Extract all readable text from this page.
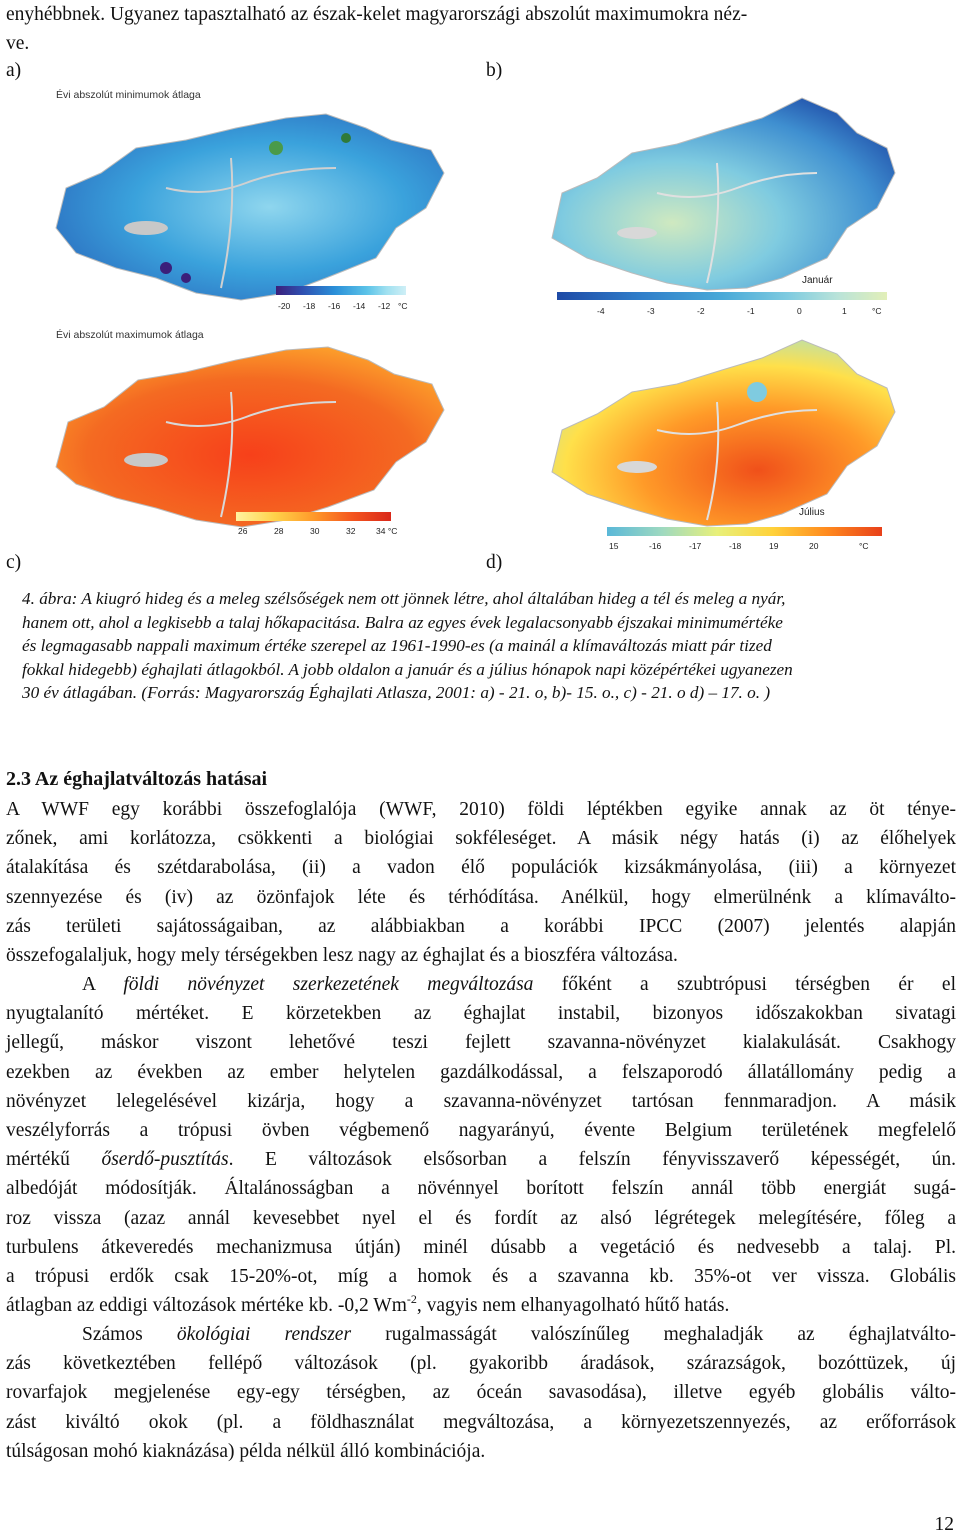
enyhébbnek. Ugyanez tapasztalható az észak-kelet magyarországi abszolút maximumokra néz-
ve.
a)	b)
Évi abszolút minimumok átlaga
-20 -18 -16 -14 -12 °C
Január
-4	-3	-2	-1	0	1	°C
Évi abszolút maximumok átlaga
26	28	30	32 34 °C
Július
15	-16	-17	-18	19	20	°C
c)	d)

4. ábra: A kiugró hideg és a meleg szélsőségek nem ott jönnek létre, ahol általában hideg a tél és meleg a nyár,

hanem ott, ahol a legkisebb a talaj hőkapacitása. Balra az egyes évek legalacsonyabb éjszakai minimumértéke

és legmagasabb nappali maximum értéke szerepel az 1961-1990-es (a mainál a klímaváltozás miatt pár tized

fokkal hidegebb) éghajlati átlagokból. A jobb oldalon a január és a július hónapok napi középértékei ugyanezen

30 év átlagában. (Forrás: Magyarország Éghajlati Atlasza, 2001: a) - 21. o, b)- 15. o., c) - 21. o d) – 17. o. )

2.3 Az éghajlatváltozás hatásai
A WWF egy korábbi összefoglalója (WWF, 2010) földi léptékben egyike annak az öt ténye-
zőnek, ami korlátozza, csökkenti a biológiai sokféleséget. A másik négy hatás (i) az élőhelyek
átalakítása és szétdarabolása, (ii) a vadon élő populációk kizsákmányolása, (iii) a környezet
szennyezése és (iv) az özönfajok léte és térhódítása. Anélkül, hogy elmerülnénk a klímaválto-
zás területi sajátosságaiban, az alábbiakban a korábbi IPCC (2007) jelentés alapján
összefogalaljuk, hogy mely térségekben lesz nagy az éghajlat és a bioszféra változása.
A földi növényzet szerkezetének megváltozása főként a szubtrópusi térségben ér el
nyugtalanító mértéket. E körzetekben az éghajlat instabil, bizonyos időszakokban sivatagi
jellegű, máskor viszont lehetővé teszi fejlett szavanna-növényzet kialakulását. Csakhogy
ezekben az években az ember helytelen gazdálkodással, a felszaporodó állatállomány pedig a
növényzet lelegelésével kizárja, hogy a szavanna-növényzet tartósan fennmaradjon. A másik
veszélyforrás a trópusi övben végbemenő nagyarányú, évente Belgium területének megfelelő
mértékű őserdő-pusztítás. E változások elsősorban a felszín fényvisszaverő képességét, ún.
albedóját módosítják. Általánosságban a növénnyel borított felszín annál több energiát sugá-
roz vissza (azaz annál kevesebbet nyel el és fordít az alsó légrétegek melegítésére, főleg a
turbulens átkeveredés mechanizmusa útján) minél dúsabb a vegetáció és nedvesebb a talaj. Pl.
a trópusi erdők csak 15-20%-ot, míg a homok és a szavanna kb. 35%-ot ver vissza. Globális
átlagban az eddigi változások mértéke kb. -0,2 $Wm^{-2}$, vagyis nem elhanyagolható hűtő hatás.
Számos ökológiai rendszer rugalmasságát valószínűleg meghaladják az éghajlatválto-
zás következtében fellépő változások (pl. gyakoribb áradások, szárazságok, bozóttüzek, új
rovarfajok megjelenése egy-egy térségben, az óceán savasodása), illetve egyéb globális válto-
zást kiváltó okok (pl. a földhasználat megváltozása, a környezetszennyezés, az erőforrások
túlságosan mohó kiaknázása) példa nélkül álló kombinációja.
12
